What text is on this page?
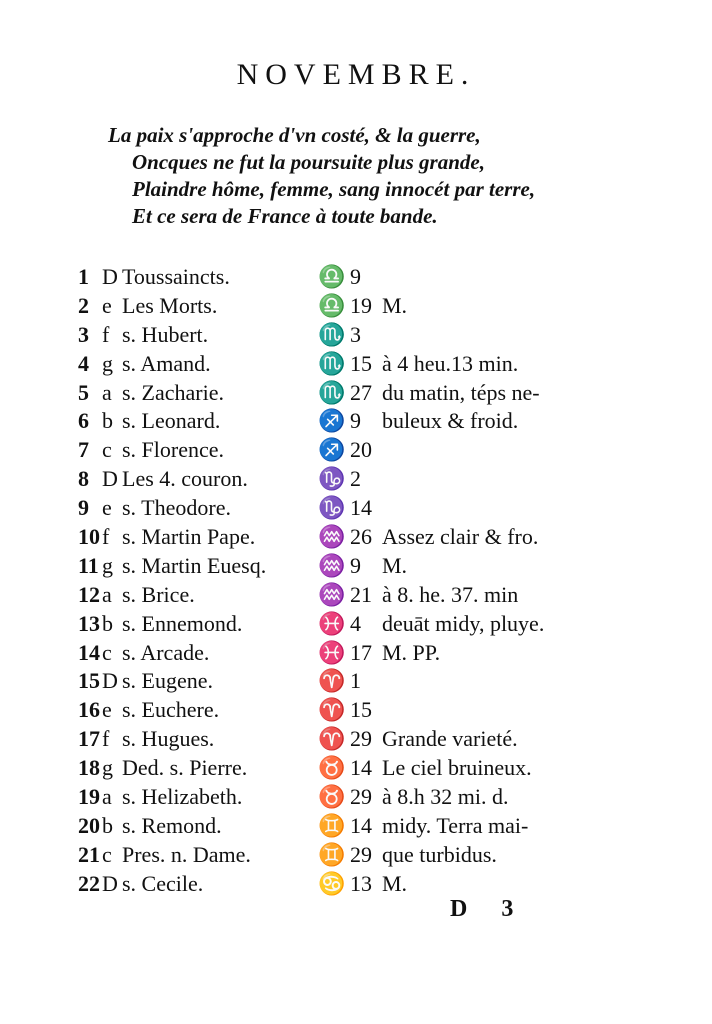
NOVEMBRE.
La paix s'approche d'vn costé, & la guerre,
Oncques ne fut la poursuite plus grande,
Plaindre hôme, femme, sang innocét par terre,
Et ce sera de France à toute bande.
1 D Toussaincts.	♎ 9
2 e Les Morts.	♎ 19 M.
3 f s. Hubert.	♏ 3
4 g s. Amand.	♏ 15 à 4 heu.13 min.
5 a s. Zacharie.	♏ 27 du matin, téps ne-
6 b s. Leonard.	♐ 9 buleux & froid.
7 c s. Florence.	♐ 20
8 D Les 4. couron.	♑ 2
9 e s. Theodore.	♑ 14
10 f s. Martin Pape.	♒ 26 Assez clair & fro.
11 g s. Martin Euesq.	♒ 9 M.
12 a s. Brice.	♒ 21 à 8. he. 37. min
13 b s. Ennemond.	♓ 4 deuāt midy, pluye.
14 c s. Arcade.	♓ 17 M. PP.
15 D s. Eugene.	♈ 1
16 e s. Euchere.	♈ 15
17 f s. Hugues.	♈ 29 Grande varieté.
18 g Ded. s. Pierre.	♉ 14 Le ciel bruineux.
19 a s. Helizabeth.	♉ 29 à 8.h 32 mi. d.
20 b s. Remond.	♊ 14 midy. Terra mai-
21 c Pres. n. Dame.	♊ 29 que turbidus.
22 D s. Cecile.	♋ 13 M.
D 3
